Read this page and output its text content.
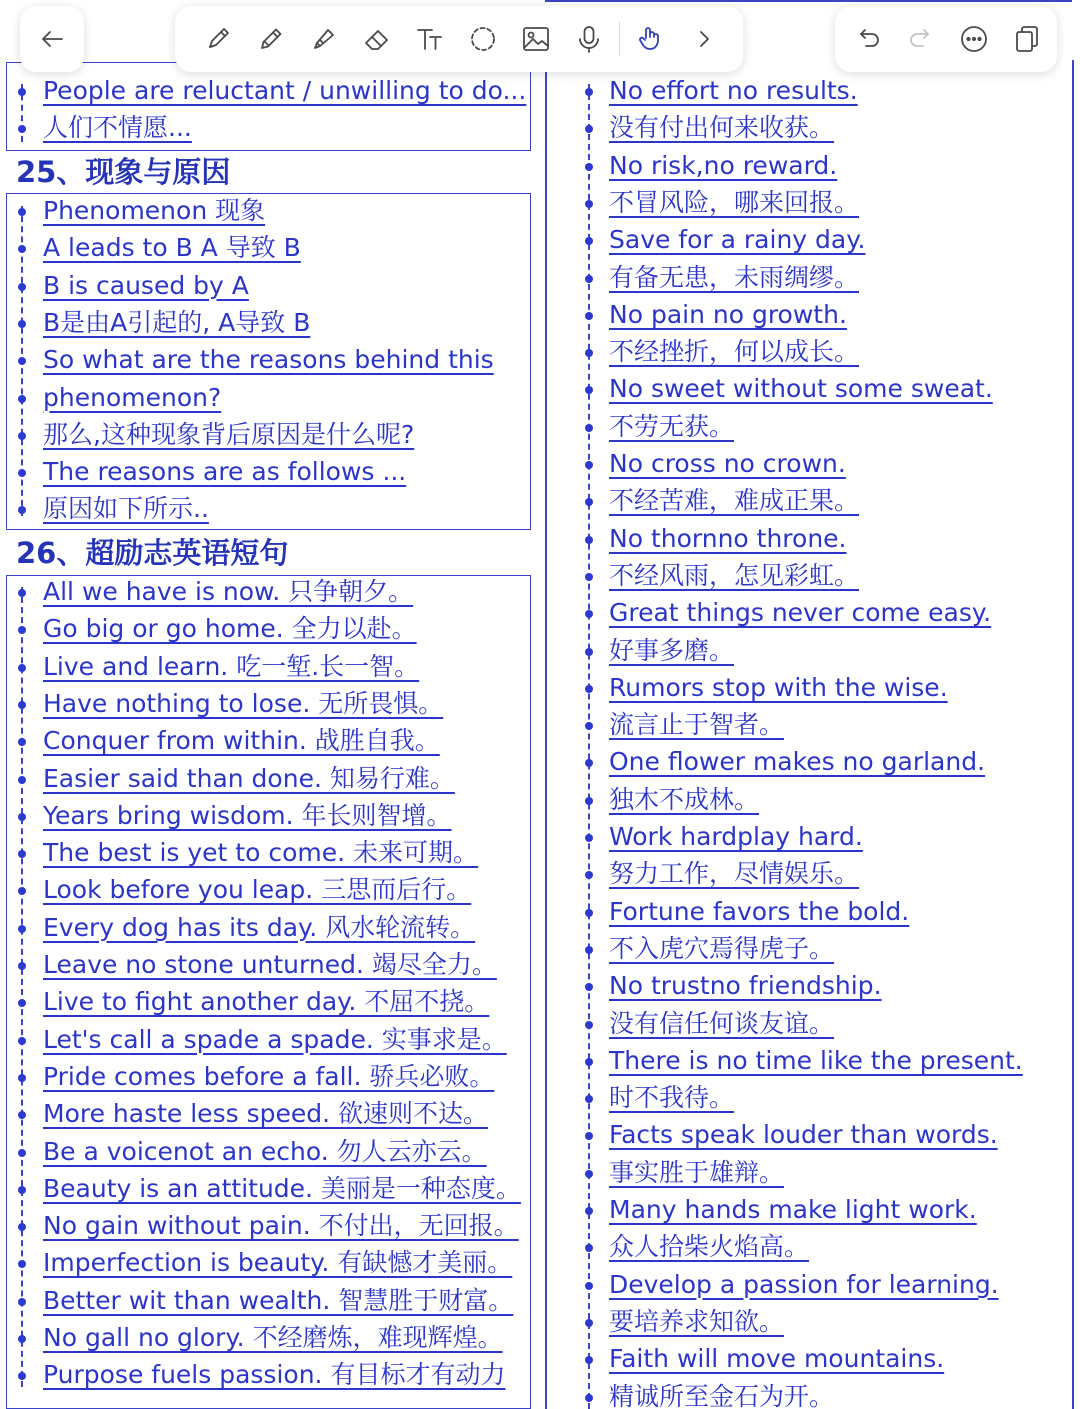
People are reluctant / unwilling to do...
人们不情愿...
25、现象与原因
Phenomenon 现象
A leads to B A 导致 B
B is caused by A
B是由A引起的, A导致 B
So what are the reasons behind this
phenomenon?
那么,这种现象背后原因是什么呢?
The reasons are as follows ...
原因如下所示..
26、超励志英语短句
All we have is now. 只争朝夕。
Go big or go home. 全力以赴。
Live and learn. 吃一堑.长一智。
Have nothing to lose. 无所畏惧。
Conquer from within. 战胜自我。
Easier said than done. 知易行难。
Years bring wisdom. 年长则智增。
The best is yet to come. 未来可期。
Look before you leap. 三思而后行。
Every dog has its day. 风水轮流转。
Leave no stone unturned. 竭尽全力。
Live to fight another day. 不屈不挠。
Let's call a spade a spade. 实事求是。
Pride comes before a fall. 骄兵必败。
More haste less speed. 欲速则不达。
Be a voicenot an echo. 勿人云亦云。
Beauty is an attitude. 美丽是一种态度。
No gain without pain. 不付出，无回报。
Imperfection is beauty. 有缺憾才美丽。
Better wit than wealth. 智慧胜于财富。
No gall no glory. 不经磨炼，难现辉煌。
Purpose fuels passion. 有目标才有动力
No effort no results.
没有付出何来收获。
No risk,no reward.
不冒风险，哪来回报。
Save for a rainy day.
有备无患，未雨绸缪。
No pain no growth.
不经挫折，何以成长。
No sweet without some sweat.
不劳无获。
No cross no crown.
不经苦难，难成正果。
No thornno throne.
不经风雨，怎见彩虹。
Great things never come easy.
好事多磨。
Rumors stop with the wise.
流言止于智者。
One flower makes no garland.
独木不成林。
Work hardplay hard.
努力工作，尽情娱乐。
Fortune favors the bold.
不入虎穴焉得虎子。
No trustno friendship.
没有信任何谈友谊。
There is no time like the present.
时不我待。
Facts speak louder than words.
事实胜于雄辩。
Many hands make light work.
众人拾柴火焰高。
Develop a passion for learning.
要培养求知欲。
Faith will move mountains.
精诚所至金石为开。
